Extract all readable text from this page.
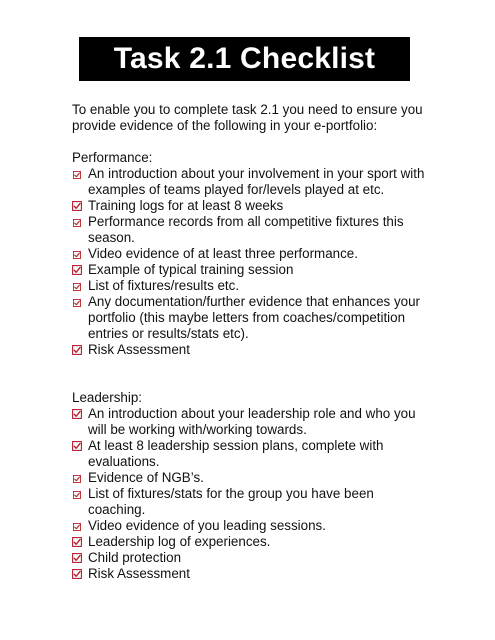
Task 2.1 Checklist

To enable you to complete task 2.1 you need to ensure you provide evidence of the following in your e-portfolio:

Performance:

An introduction about your involvement in your sport with examples of teams played for/levels played at etc.
Training logs for at least 8 weeks
Performance records from all competitive fixtures this season.
Video evidence of at least three performance.
Example of typical training session
List of fixtures/results etc.
Any documentation/further evidence that enhances your portfolio (this maybe letters from coaches/competition entries or results/stats etc).
Risk Assessment

Leadership:

An introduction about your leadership role and who you will be working with/working towards.
At least 8 leadership session plans, complete with evaluations.
Evidence of NGB’s.
List of fixtures/stats for the group you have been coaching.
Video evidence of you leading sessions.
Leadership log of experiences.
Child protection
Risk Assessment
